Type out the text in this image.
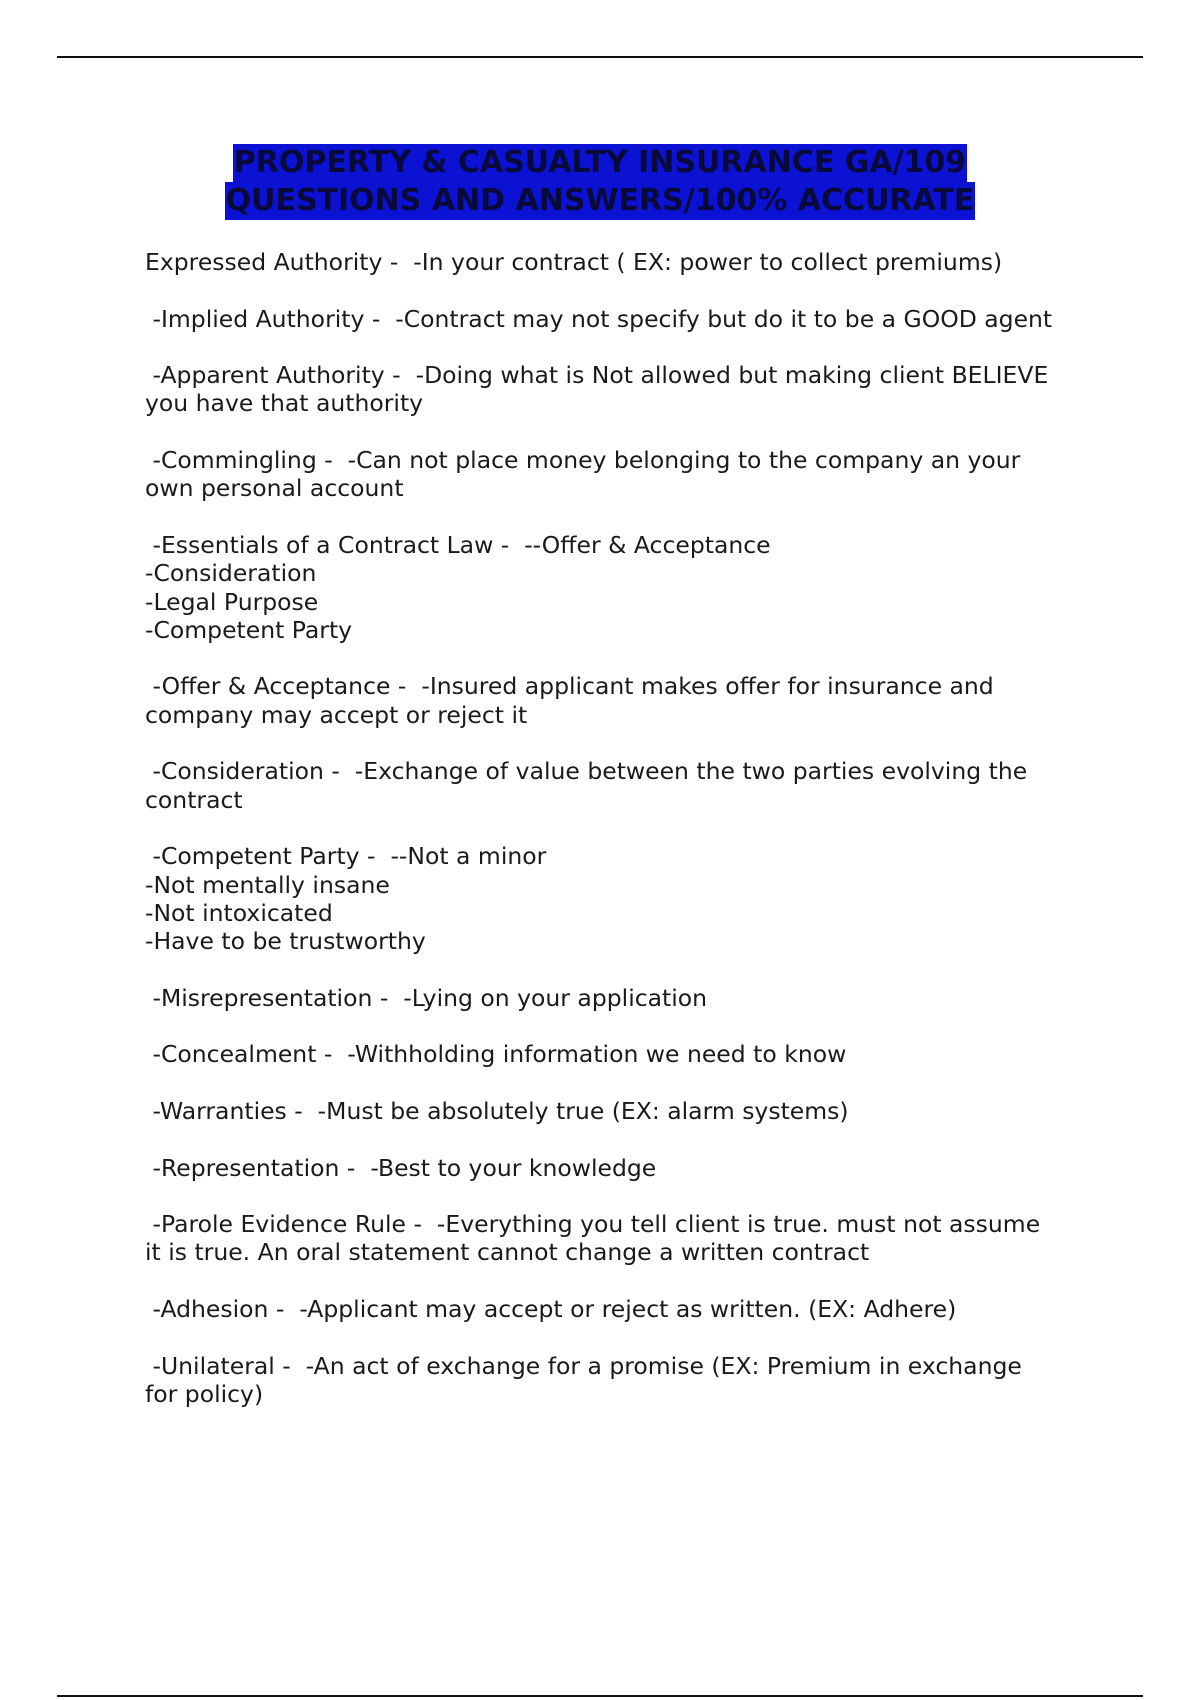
PROPERTY & CASUALTY INSURANCE GA/109
QUESTIONS AND ANSWERS/100% ACCURATE
Expressed Authority -  -In your contract ( EX: power to collect premiums)
-Implied Authority -  -Contract may not specify but do it to be a GOOD agent
-Apparent Authority -  -Doing what is Not allowed but making client BELIEVE
you have that authority
-Commingling -  -Can not place money belonging to the company an your
own personal account
-Essentials of a Contract Law -  --Offer & Acceptance
-Consideration
-Legal Purpose
-Competent Party
-Offer & Acceptance -  -Insured applicant makes offer for insurance and
company may accept or reject it
-Consideration -  -Exchange of value between the two parties evolving the
contract
-Competent Party -  --Not a minor
-Not mentally insane
-Not intoxicated
-Have to be trustworthy
-Misrepresentation -  -Lying on your application
-Concealment -  -Withholding information we need to know
-Warranties -  -Must be absolutely true (EX: alarm systems)
-Representation -  -Best to your knowledge
-Parole Evidence Rule -  -Everything you tell client is true. must not assume
it is true. An oral statement cannot change a written contract
-Adhesion -  -Applicant may accept or reject as written. (EX: Adhere)
-Unilateral -  -An act of exchange for a promise (EX: Premium in exchange
for policy)
